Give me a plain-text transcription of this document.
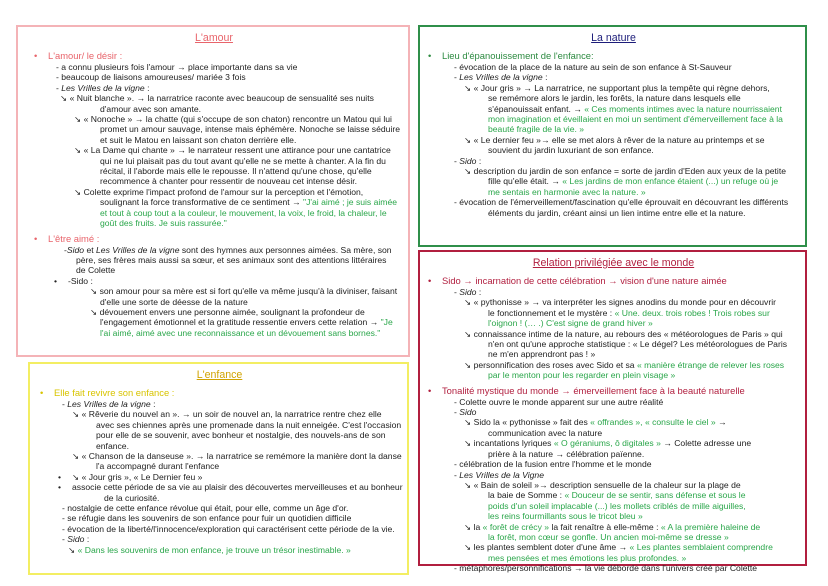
L'amour
• L'amour/ le désir :
- a connu plusieurs fois l'amour → place importante dans sa vie
- beaucoup de liaisons amoureuses/ mariée 3 fois
- Les Vrilles de la vigne :
↘ « Nuit blanche ». → la narratrice raconte avec beaucoup de sensualité ses nuits
d'amour avec son amante.
↘ « Nonoche » → la chatte (qui s'occupe de son chaton) rencontre un Matou qui lui
promet un amour sauvage, intense mais éphémère. Nonoche se laisse séduire
et suit le Matou en laissant son chaton derrière elle.
↘ « La Dame qui chante » → le narrateur ressent une attirance pour une cantatrice
qui ne lui plaisait pas du tout avant qu'elle ne se mette à chanter. A la fin du
récital, il l'aborde mais elle le repousse. Il n'attend qu'une chose, qu'elle
recommence à chanter pour ressentir de nouveau cet intense désir.
↘ Colette exprime l'impact profond de l'amour sur la perception et l'émotion,
soulignant la force transformative de ce sentiment → "J'ai aimé ; je suis aimée
et tout à coup tout a la couleur, le mouvement, la voix, le froid, la chaleur, le
goût des fruits. Je suis rassurée."
• L'être aimé :
-Sido et Les Vrilles de la vigne sont des hymnes aux personnes aimées. Sa mère, son
père, ses frères mais aussi sa sœur, et ses animaux sont des attentions littéraires
de Colette
• -Sido :
↘ son amour pour sa mère est si fort qu'elle va même jusqu'à la diviniser, faisant
d'elle une sorte de déesse de la nature
↘ dévouement envers une personne aimée, soulignant la profondeur de
l'engagement émotionnel et la gratitude ressentie envers cette relation → "Je
l'ai aimé, aimé avec une reconnaissance et un dévouement sans bornes."
L'enfance
• Elle fait revivre son enfance :
- Les Vrilles de la vigne :
↘ « Rêverie du nouvel an ». → un soir de nouvel an, la narratrice rentre chez elle
avec ses chiennes après une promenade dans la nuit enneigée. C'est l'occasion
pour elle de se souvenir, avec bonheur et nostalgie, des nouvels-ans de son
enfance.
↘ « Chanson de la danseuse ». → la narratrice se remémore la manière dont la danse
l'a accompagné durant l'enfance
• ↘ « Jour gris », « Le Dernier feu »
• associe cette période de sa vie au plaisir des découvertes merveilleuses et au bonheur
de la curiosité.
- nostalgie de cette enfance révolue qui était, pour elle, comme un âge d'or.
- se réfugie dans les souvenirs de son enfance pour fuir un quotidien difficile
- évocation de la liberté/l'innocence/exploration qui caractérisent cette période de la vie.
- Sido :
↘ « Dans les souvenirs de mon enfance, je trouve un trésor inestimable. »
La nature
• Lieu d'épanouissement de l'enfance:
- évocation de la place de la nature au sein de son enfance à St-Sauveur
- Les Vrilles de la vigne :
↘ « Jour gris » → La narratrice, ne supportant plus la tempête qui règne dehors,
se remémore alors le jardin, les forêts, la nature dans lesquels elle
s'épanouissait enfant. → « Ces moments intimes avec la nature nourrissaient
mon imagination et éveillaient en moi un sentiment d'émerveillement face à la
beauté fragile de la vie. »
↘ « Le dernier feu »→ elle se met alors à rêver de la nature au printemps et se
souvient du jardin luxuriant de son enfance.
- Sido :
↘ description du jardin de son enfance = sorte de jardin d'Eden aux yeux de la petite
fille qu'elle était. → « Les jardins de mon enfance étaient (...) un refuge où je
me sentais en harmonie avec la nature. »
- évocation de l'émerveillement/fascination qu'elle éprouvait en découvrant les différents
éléments du jardin, créant ainsi un lien intime entre elle et la nature.
Relation privilégiée avec le monde
• Sido → incarnation de cette célébration → vision d'une nature aimée
- Sido :
↘ « pythonisse » → va interpréter les signes anodins du monde pour en découvrir
le fonctionnement et le mystère : « Une. deux. trois robes ! Trois robes sur
l'oignon ! (… .) C'est signe de grand hiver »
↘ connaissance intime de la nature, au rebours des « météorologues de Paris » qui
n'en ont qu'une approche statistique : « Le dégel? Les météorologues de Paris
ne m'en apprendront pas ! »
↘ personnification des roses avec Sido et sa « manière étrange de relever les roses
par le menton pour les regarder en plein visage »
• Tonalité mystique du monde → émerveillement face à la beauté naturelle
- Colette ouvre le monde apparent sur une autre réalité
- Sido
↘ Sido la « pythonisse » fait des « offrandes », « consulte le ciel » →
communication avec la nature
↘ incantations lyriques « O géraniums, ô digitales » → Colette adresse une
prière à la nature → célébration païenne.
- célébration de la fusion entre l'homme et le monde
- Les Vrilles de la Vigne
↘ « Bain de soleil »→ description sensuelle de la chaleur sur la plage de
la baie de Somme : « Douceur de se sentir, sans défense et sous le
poids d'un soleil implacable (...) les mollets criblés de mille aiguilles,
les reins fourmillants sous le tricot bleu »
↘ la « forêt de crécy » la fait renaître à elle-même : « A la première haleine de
la forêt, mon cœur se gonfle. Un ancien moi-même se dresse »
↘ les plantes semblent doter d'une âme → « Les plantes semblaient comprendre
mes pensées et mes émotions les plus profondes. »
- métaphores/personnifications → la vie déborde dans l'univers créé par Colette
